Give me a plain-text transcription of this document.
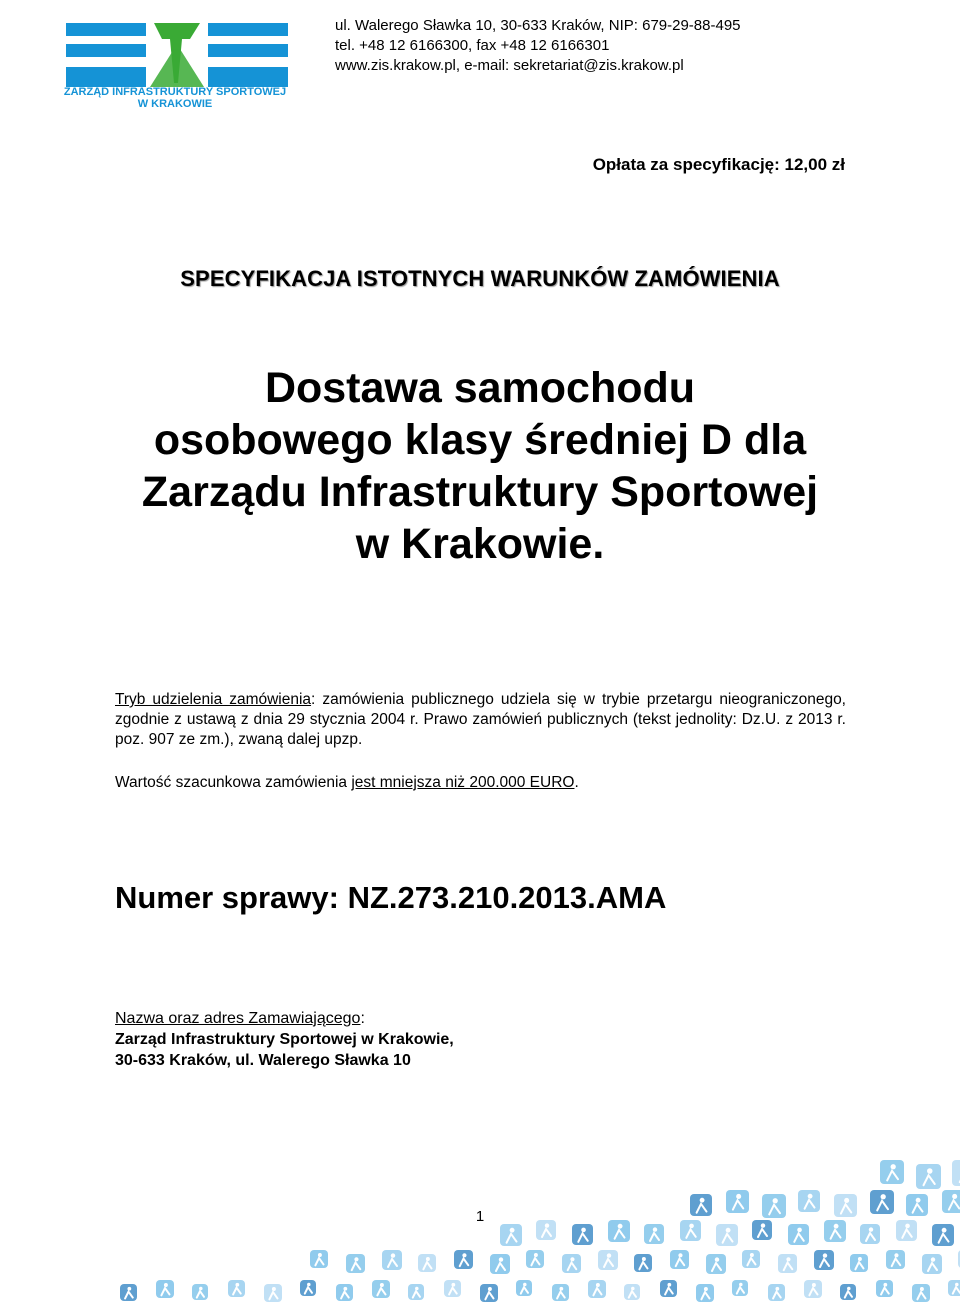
ZARZĄD INFRASTRUKTURY SPORTOWEJ
W KRAKOWIE
ul. Walerego Sławka 10, 30-633 Kraków, NIP: 679-29-88-495
tel. +48 12 6166300, fax +48 12 6166301
www.zis.krakow.pl, e-mail: sekretariat@zis.krakow.pl
Opłata za specyfikację: 12,00 zł
SPECYFIKACJA ISTOTNYCH WARUNKÓW ZAMÓWIENIA
Dostawa samochodu
osobowego klasy średniej D dla
Zarządu Infrastruktury Sportowej
w Krakowie.
Tryb udzielenia zamówienia: zamówienia publicznego udziela się w trybie przetargu nieograniczonego, zgodnie z ustawą z dnia 29 stycznia 2004 r. Prawo zamówień publicznych (tekst jednolity: Dz.U. z 2013 r. poz. 907 ze zm.), zwaną dalej upzp.
Wartość szacunkowa zamówienia jest mniejsza niż 200.000 EURO.
Numer sprawy: NZ.273.210.2013.AMA
Nazwa oraz adres Zamawiającego:
Zarząd Infrastruktury Sportowej w Krakowie,
30-633 Kraków, ul. Walerego Sławka 10
1
